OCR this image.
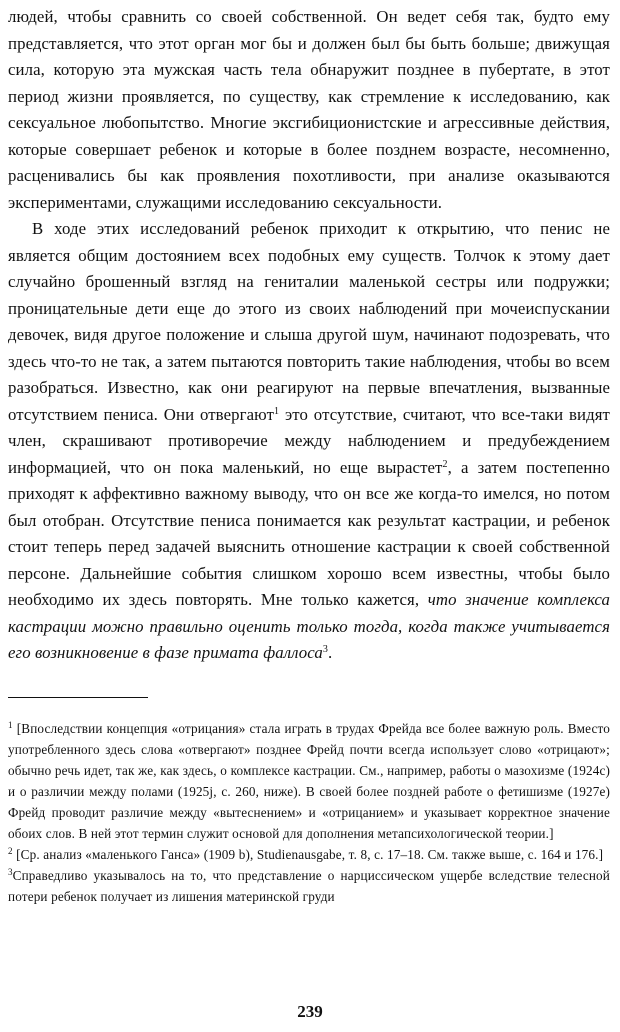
людей, чтобы сравнить со своей собственной. Он ведет себя так, будто ему представляется, что этот орган мог бы и должен был бы быть больше; движущая сила, которую эта мужская часть тела обнаружит позднее в пубертате, в этот период жизни проявляется, по существу, как стремление к исследованию, как сексуальное любопытство. Многие эксгибиционистские и агрессивные действия, которые совершает ребенок и которые в более позднем возрасте, несомненно, расценивались бы как проявления похотливости, при анализе оказываются экспериментами, служащими исследованию сексуальности.

В ходе этих исследований ребенок приходит к открытию, что пенис не является общим достоянием всех подобных ему существ. Толчок к этому дает случайно брошенный взгляд на гениталии маленькой сестры или подружки; проницательные дети еще до этого из своих наблюдений при мочеиспускании девочек, видя другое положение и слыша другой шум, начинают подозревать, что здесь что-то не так, а затем пытаются повторить такие наблюдения, чтобы во всем разобраться. Известно, как они реагируют на первые впечатления, вызванные отсутствием пениса. Они отвергают$^1$ это отсутствие, считают, что все-таки видят член, скрашивают противоречие между наблюдением и предубеждением информацией, что он пока маленький, но еще вырастет$^2$, а затем постепенно приходят к аффективно важному выводу, что он все же когда-то имелся, но потом был отобран. Отсутствие пениса понимается как результат кастрации, и ребенок стоит теперь перед задачей выяснить отношение кастрации к своей собственной персоне. Дальнейшие события слишком хорошо всем известны, чтобы было необходимо их здесь повторять. Мне только кажется, что значение комплекса кастрации можно правильно оценить только тогда, когда также учитывается его возникновение в фазе примата фаллоса$^3$.

$^1$ [Впоследствии концепция «отрицания» стала играть в трудах Фрейда все более важную роль. Вместо употребленного здесь слова «отвергают» позднее Фрейд почти всегда использует слово «отрицают»; обычно речь идет, так же, как здесь, о комплексе кастрации. См., например, работы о мазохизме (1924c) и о различии между полами (1925j, с. 260, ниже). В своей более поздней работе о фетишизме (1927e) Фрейд проводит различие между «вытеснением» и «отрицанием» и указывает корректное значение обоих слов. В ней этот термин служит основой для дополнения метапсихологической теории.]

$^2$ [Ср. анализ «маленького Ганса» (1909 b), Studienausgabe, т. 8, с. 17–18. См. также выше, с. 164 и 176.]

$^3$Справедливо указывалось на то, что представление о нарциссическом ущербе вследствие телесной потери ребенок получает из лишения материнской груди

239
